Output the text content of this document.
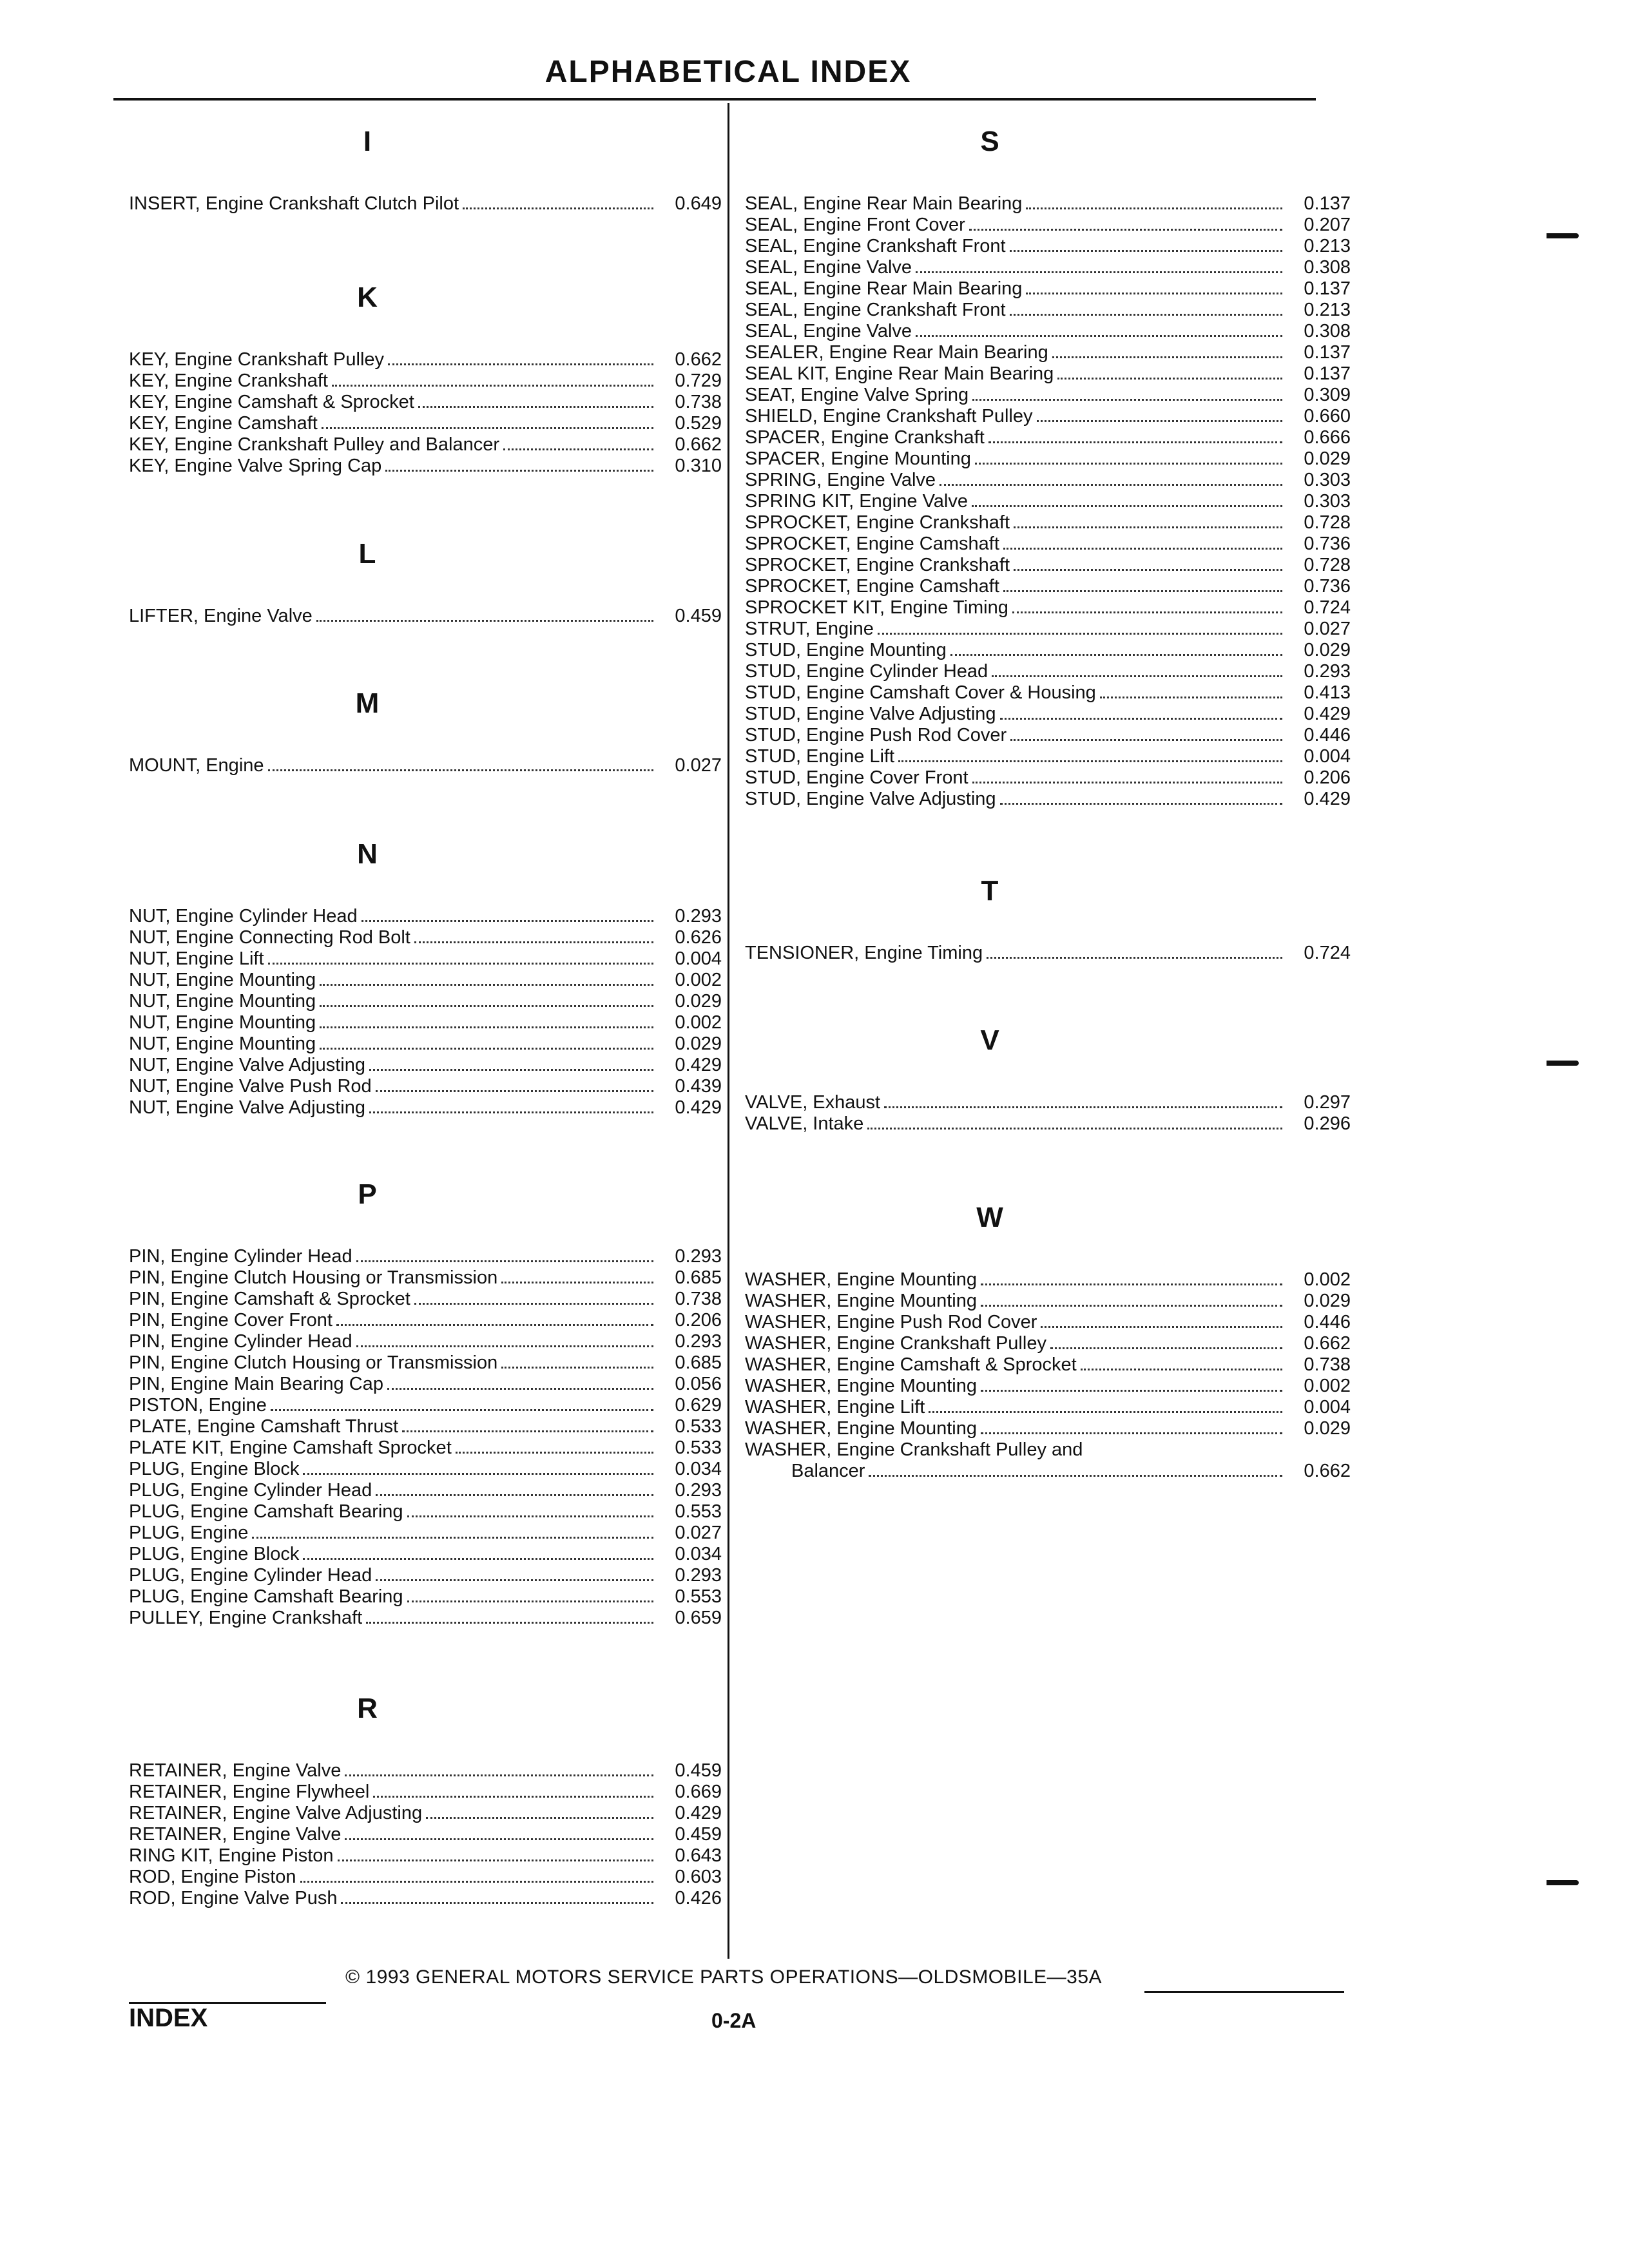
ALPHABETICAL INDEX
I
INSERT, Engine Crankshaft Clutch Pilot	0.649
K
KEY, Engine Crankshaft Pulley	0.662
KEY, Engine Crankshaft	0.729
KEY, Engine Camshaft & Sprocket	0.738
KEY, Engine Camshaft	0.529
KEY, Engine Crankshaft Pulley and Balancer	0.662
KEY, Engine Valve Spring Cap	0.310
L
LIFTER, Engine Valve	0.459
M
MOUNT, Engine	0.027
N
NUT, Engine Cylinder Head	0.293
NUT, Engine Connecting Rod Bolt	0.626
NUT, Engine Lift	0.004
NUT, Engine Mounting	0.002
NUT, Engine Mounting	0.029
NUT, Engine Mounting	0.002
NUT, Engine Mounting	0.029
NUT, Engine Valve Adjusting	0.429
NUT, Engine Valve Push Rod	0.439
NUT, Engine Valve Adjusting	0.429
P
PIN, Engine Cylinder Head	0.293
PIN, Engine Clutch Housing or Transmission	0.685
PIN, Engine Camshaft & Sprocket	0.738
PIN, Engine Cover Front	0.206
PIN, Engine Cylinder Head	0.293
PIN, Engine Clutch Housing or Transmission	0.685
PIN, Engine Main Bearing Cap	0.056
PISTON, Engine	0.629
PLATE, Engine Camshaft Thrust	0.533
PLATE KIT, Engine Camshaft Sprocket	0.533
PLUG, Engine Block	0.034
PLUG, Engine Cylinder Head	0.293
PLUG, Engine Camshaft Bearing	0.553
PLUG, Engine	0.027
PLUG, Engine Block	0.034
PLUG, Engine Cylinder Head	0.293
PLUG, Engine Camshaft Bearing	0.553
PULLEY, Engine Crankshaft	0.659
R
RETAINER, Engine Valve	0.459
RETAINER, Engine Flywheel	0.669
RETAINER, Engine Valve Adjusting	0.429
RETAINER, Engine Valve	0.459
RING KIT, Engine Piston	0.643
ROD, Engine Piston	0.603
ROD, Engine Valve Push	0.426
S
SEAL, Engine Rear Main Bearing	0.137
SEAL, Engine Front Cover	0.207
SEAL, Engine Crankshaft Front	0.213
SEAL, Engine Valve	0.308
SEAL, Engine Rear Main Bearing	0.137
SEAL, Engine Crankshaft Front	0.213
SEAL, Engine Valve	0.308
SEALER, Engine Rear Main Bearing	0.137
SEAL KIT, Engine Rear Main Bearing	0.137
SEAT, Engine Valve Spring	0.309
SHIELD, Engine Crankshaft Pulley	0.660
SPACER, Engine Crankshaft	0.666
SPACER, Engine Mounting	0.029
SPRING, Engine Valve	0.303
SPRING KIT, Engine Valve	0.303
SPROCKET, Engine Crankshaft	0.728
SPROCKET, Engine Camshaft	0.736
SPROCKET, Engine Crankshaft	0.728
SPROCKET, Engine Camshaft	0.736
SPROCKET KIT, Engine Timing	0.724
STRUT, Engine	0.027
STUD, Engine Mounting	0.029
STUD, Engine Cylinder Head	0.293
STUD, Engine Camshaft Cover & Housing	0.413
STUD, Engine Valve Adjusting	0.429
STUD, Engine Push Rod Cover	0.446
STUD, Engine Lift	0.004
STUD, Engine Cover Front	0.206
STUD, Engine Valve Adjusting	0.429
T
TENSIONER, Engine Timing	0.724
V
VALVE, Exhaust	0.297
VALVE, Intake	0.296
W
WASHER, Engine Mounting	0.002
WASHER, Engine Mounting	0.029
WASHER, Engine Push Rod Cover	0.446
WASHER, Engine Crankshaft Pulley	0.662
WASHER, Engine Camshaft & Sprocket	0.738
WASHER, Engine Mounting	0.002
WASHER, Engine Lift	0.004
WASHER, Engine Mounting	0.029
WASHER, Engine Crankshaft Pulley and
Balancer	0.662
© 1993 GENERAL MOTORS SERVICE PARTS OPERATIONS—OLDSMOBILE—35A
INDEX	0-2A
